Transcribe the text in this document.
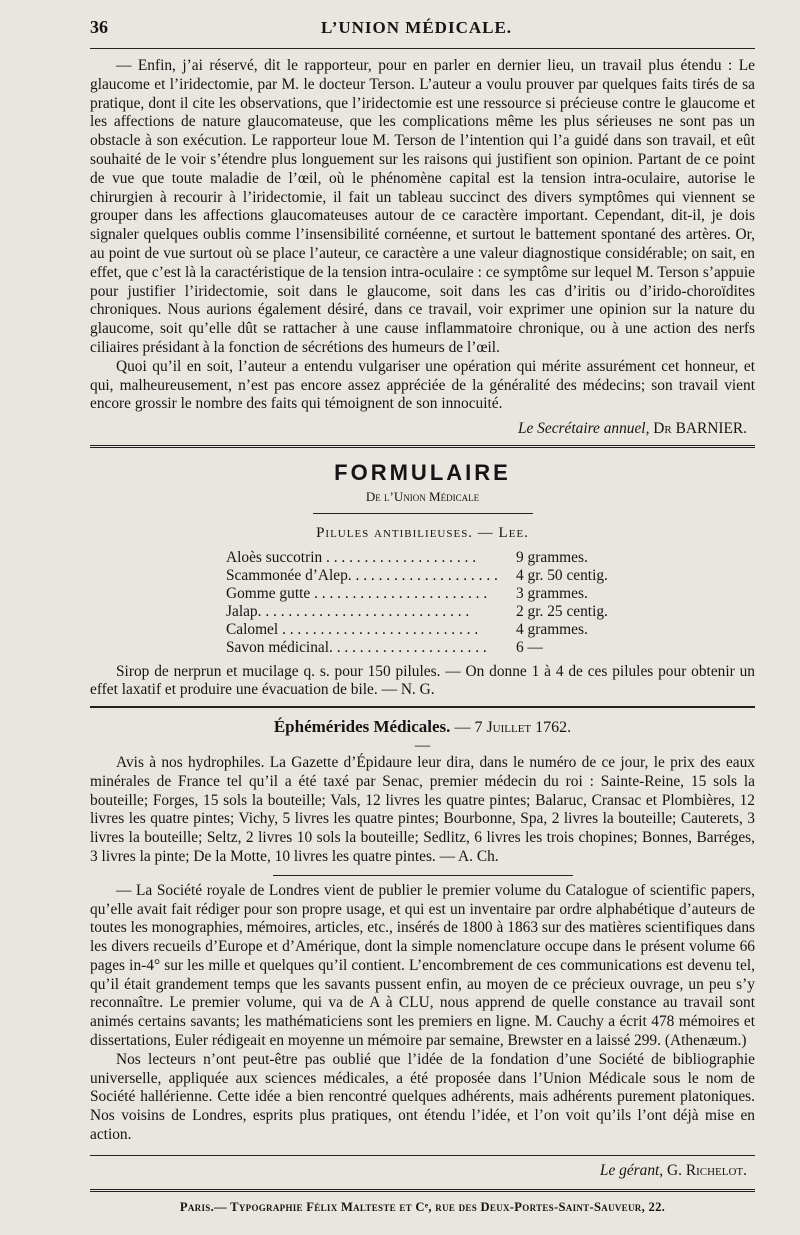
36	L’UNION MÉDICALE.

— Enfin, j’ai réservé, dit le rapporteur, pour en parler en dernier lieu, un travail plus étendu : Le glaucome et l’iridectomie, par M. le docteur Terson. L’auteur a voulu prouver par quelques faits tirés de sa pratique, dont il cite les observations, que l’iridectomie est une ressource si précieuse contre le glaucome et les affections de nature glaucomateuse, que les complications même les plus sérieuses ne sont pas un obstacle à son exécution. Le rapporteur loue M. Terson de l’intention qui l’a guidé dans son travail, et eût souhaité de le voir s’étendre plus longuement sur les raisons qui justifient son opinion. Partant de ce point de vue que toute maladie de l’œil, où le phénomène capital est la tension intra-oculaire, autorise le chirurgien à recourir à l’iridectomie, il fait un tableau succinct des divers symptômes qui viennent se grouper dans les affections glaucomateuses autour de ce caractère important. Cependant, dit-il, je dois signaler quelques oublis comme l’insensibilité cornéenne, et surtout le battement spontané des artères. Or, au point de vue surtout où se place l’auteur, ce caractère a une valeur diagnostique considérable; on sait, en effet, que c’est là la caractéristique de la tension intra-oculaire : ce symptôme sur lequel M. Terson s’appuie pour justifier l’iridectomie, soit dans le glaucome, soit dans les cas d’iritis ou d’irido-choroïdites chroniques. Nous aurions également désiré, dans ce travail, voir exprimer une opinion sur la nature du glaucome, soit qu’elle dût se rattacher à une cause inflammatoire chronique, ou à une action des nerfs ciliaires présidant à la fonction de sécrétions des humeurs de l’œil.

Quoi qu’il en soit, l’auteur a entendu vulgariser une opération qui mérite assurément cet honneur, et qui, malheureusement, n’est pas encore assez appréciée de la généralité des médecins; son travail vient encore grossir le nombre des faits qui témoignent de son innocuité.

Le Secrétaire annuel, Dr BARNIER.
FORMULAIRE
De l’Union Médicale
Pilules antibilieuses. — Lee.
Aloès succotrin . . . . . . . . . . . . . . . . . . . .	9 grammes.
Scammonée d’Alep. . . . . . . . . . . . . . . . . . . .	4 gr. 50 centig.
Gomme gutte . . . . . . . . . . . . . . . . . . . . . . .	3 grammes.
Jalap. . . . . . . . . . . . . . . . . . . . . . . . . . . .	2 gr. 25 centig.
Calomel . . . . . . . . . . . . . . . . . . . . . . . . . .	4 grammes.
Savon médicinal. . . . . . . . . . . . . . . . . . . . .	6 —

Sirop de nerprun et mucilage q. s. pour 150 pilules. — On donne 1 à 4 de ces pilules pour obtenir un effet laxatif et produire une évacuation de bile. — N. G.

Éphémérides Médicales. — 7 Juillet 1762.
—

Avis à nos hydrophiles. La Gazette d’Épidaure leur dira, dans le numéro de ce jour, le prix des eaux minérales de France tel qu’il a été taxé par Senac, premier médecin du roi : Sainte-Reine, 15 sols la bouteille; Forges, 15 sols la bouteille; Vals, 12 livres les quatre pintes; Balaruc, Cransac et Plombières, 12 livres les quatre pintes; Vichy, 5 livres les quatre pintes; Bourbonne, Spa, 2 livres la bouteille; Cauterets, 3 livres la bouteille; Seltz, 2 livres 10 sols la bouteille; Sedlitz, 6 livres les trois chopines; Bonnes, Barréges, 3 livres la pinte; De la Motte, 10 livres les quatre pintes. — A. Ch.

— La Société royale de Londres vient de publier le premier volume du Catalogue of scientific papers, qu’elle avait fait rédiger pour son propre usage, et qui est un inventaire par ordre alphabétique d’auteurs de toutes les monographies, mémoires, articles, etc., insérés de 1800 à 1863 sur des matières scientifiques dans les divers recueils d’Europe et d’Amérique, dont la simple nomenclature occupe dans le présent volume 66 pages in-4° sur les mille et quelques qu’il contient. L’encombrement de ces communications est devenu tel, qu’il était grandement temps que les savants pussent enfin, au moyen de ce précieux ouvrage, un peu s’y reconnaître. Le premier volume, qui va de A à CLU, nous apprend de quelle constance au travail sont animés certains savants; les mathématiciens sont les premiers en ligne. M. Cauchy a écrit 478 mémoires et dissertations, Euler rédigeait en moyenne un mémoire par semaine, Brewster en a laissé 299. (Athenæum.)

Nos lecteurs n’ont peut-être pas oublié que l’idée de la fondation d’une Société de bibliographie universelle, appliquée aux sciences médicales, a été proposée dans l’Union Médicale sous le nom de Société hallérienne. Cette idée a bien rencontré quelques adhérents, mais adhérents purement platoniques. Nos voisins de Londres, esprits plus pratiques, ont étendu l’idée, et l’on voit qu’ils l’ont déjà mise en action.

Le gérant, G. Richelot.
Paris.— Typographie Félix Malteste et Cᵉ, rue des Deux-Portes-Saint-Sauveur, 22.
